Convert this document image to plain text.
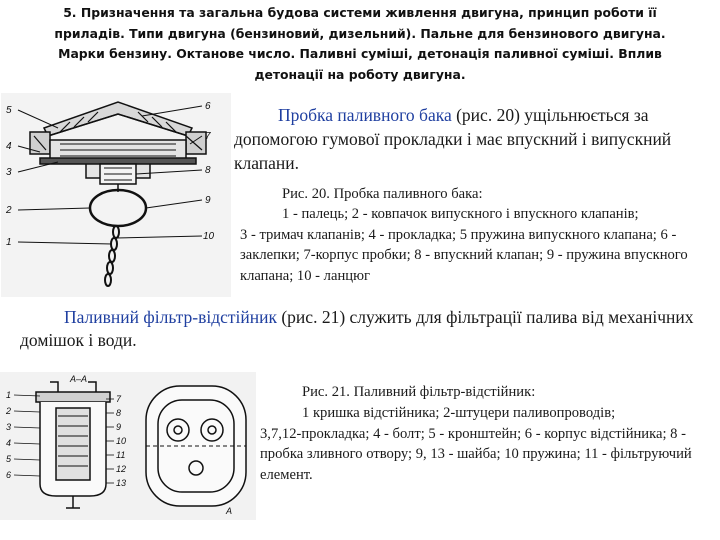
5. Призначення та загальна будова системи живлення двигуна, принцип роботи її
приладів. Типи двигуна (бензиновий, дизельний). Пальне для бензинового двигуна.
Марки бензину. Октанове число. Паливні суміші, детонація паливної суміші. Вплив
детонації на роботу двигуна.
5
4
3
2
1
6
7
8
9
10

Пробка паливного бака (рис. 20) ущільнюється за допомогою гумової прокладки і має впускний і випускний клапани.

Рис. 20. Пробка паливного бака:
1 - палець; 2 - ковпачок випускного і впускного клапанів;
3 - тримач клапанів; 4 - прокладка; 5 пружина випускного клапана; 6 - заклепки; 7-корпус пробки; 8 - впускний клапан; 9 - пружина впускного клапана; 10 - ланцюг

Паливний фільтр-відстійник (рис. 21) служить для фільтрації палива від механічних домішок і води.

А–А
1
2
3
4
5
6
7
8
9
10
11
12
13
А
Рис. 21. Паливний фільтр-відстійник:
1 кришка відстійника; 2-штуцери паливопроводів;
3,7,12-прокладка; 4 - болт; 5 - кронштейн; 6 - корпус відстійника; 8 - пробка зливного отвору; 9, 13 - шайба; 10 пружина; 11 - фільтруючий елемент.
